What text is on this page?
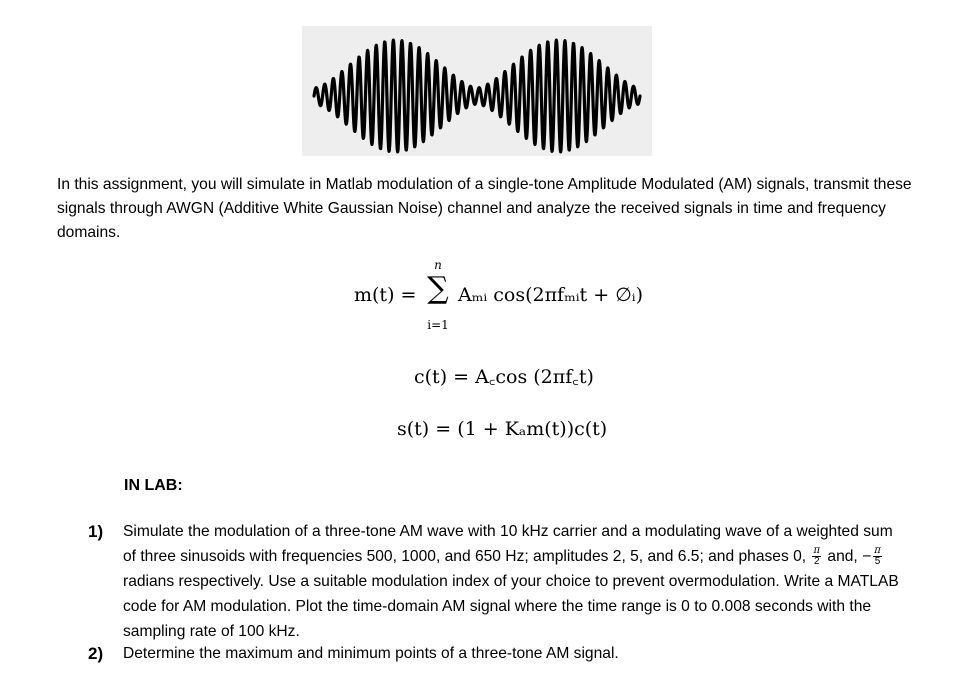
In this assignment, you will simulate in Matlab modulation of a single-tone Amplitude Modulated (AM) signals, transmit these signals through AWGN (Additive White Gaussian Noise) channel and analyze the received signals in time and frequency domains.

m(t) =
n
∑
i=1
Aₘᵢ cos(2πfₘᵢt + ∅ᵢ)
c(t) = A꜀cos (2πf꜀t)
s(t) = (1 + Kₐm(t))c(t)
IN LAB:
1) Simulate the modulation of a three-tone AM wave with 10 kHz carrier and a modulating wave of a weighted sum of three sinusoids with frequencies 500, 1000, and 650 Hz; amplitudes 2, 5, and 6.5; and phases 0, $\frac{\pi}{2}$ and, − $\frac{\pi}{5}$
radians respectively. Use a suitable modulation index of your choice to prevent overmodulation. Write a MATLAB code for AM modulation. Plot the time-domain AM signal where the time range is 0 to 0.008 seconds with the sampling rate of 100 kHz.
2) Determine the maximum and minimum points of a three-tone AM signal.
